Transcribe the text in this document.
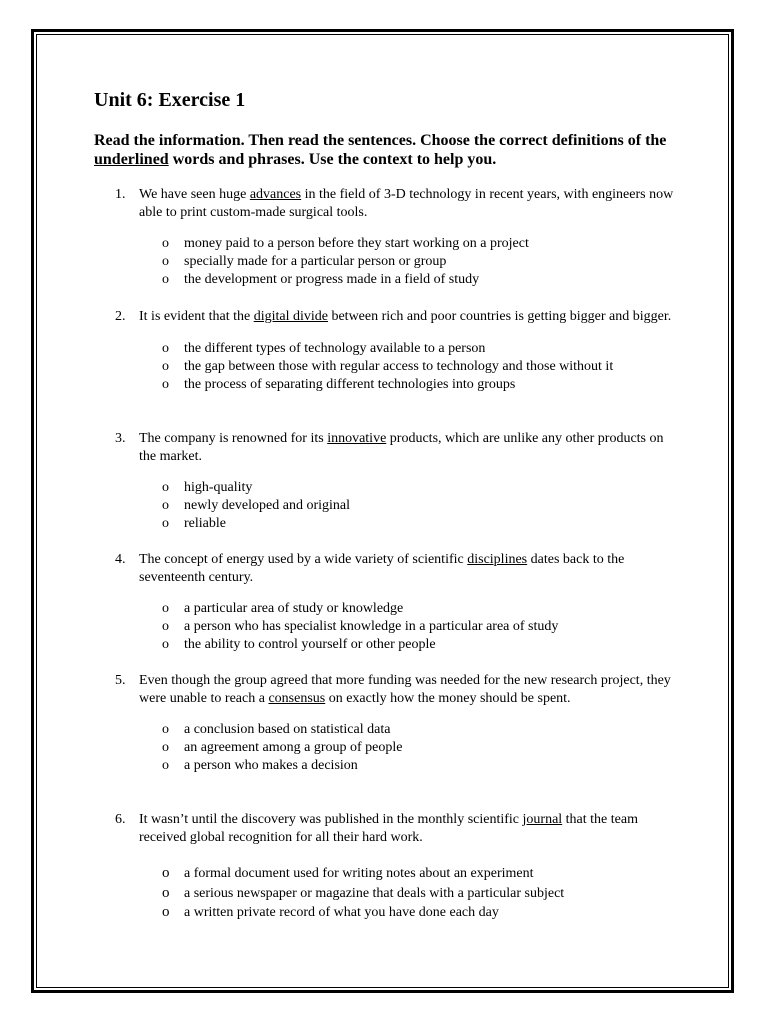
Unit 6: Exercise 1

Read the information. Then read the sentences. Choose the correct definitions of the underlined words and phrases. Use the context to help you.

1. We have seen huge advances in the field of 3-D technology in recent years, with engineers now able to print custom-made surgical tools.
o money paid to a person before they start working on a project
o specially made for a particular person or group
o the development or progress made in a field of study
2. It is evident that the digital divide between rich and poor countries is getting bigger and bigger.
o the different types of technology available to a person
o the gap between those with regular access to technology and those without it
o the process of separating different technologies into groups
3. The company is renowned for its innovative products, which are unlike any other products on the market.
o high-quality
o newly developed and original
o reliable
4. The concept of energy used by a wide variety of scientific disciplines dates back to the seventeenth century.
o a particular area of study or knowledge
o a person who has specialist knowledge in a particular area of study
o the ability to control yourself or other people
5. Even though the group agreed that more funding was needed for the new research project, they were unable to reach a consensus on exactly how the money should be spent.
o a conclusion based on statistical data
o an agreement among a group of people
o a person who makes a decision
6. It wasn’t until the discovery was published in the monthly scientific journal that the team received global recognition for all their hard work.
o a formal document used for writing notes about an experiment
o a serious newspaper or magazine that deals with a particular subject
o a written private record of what you have done each day
